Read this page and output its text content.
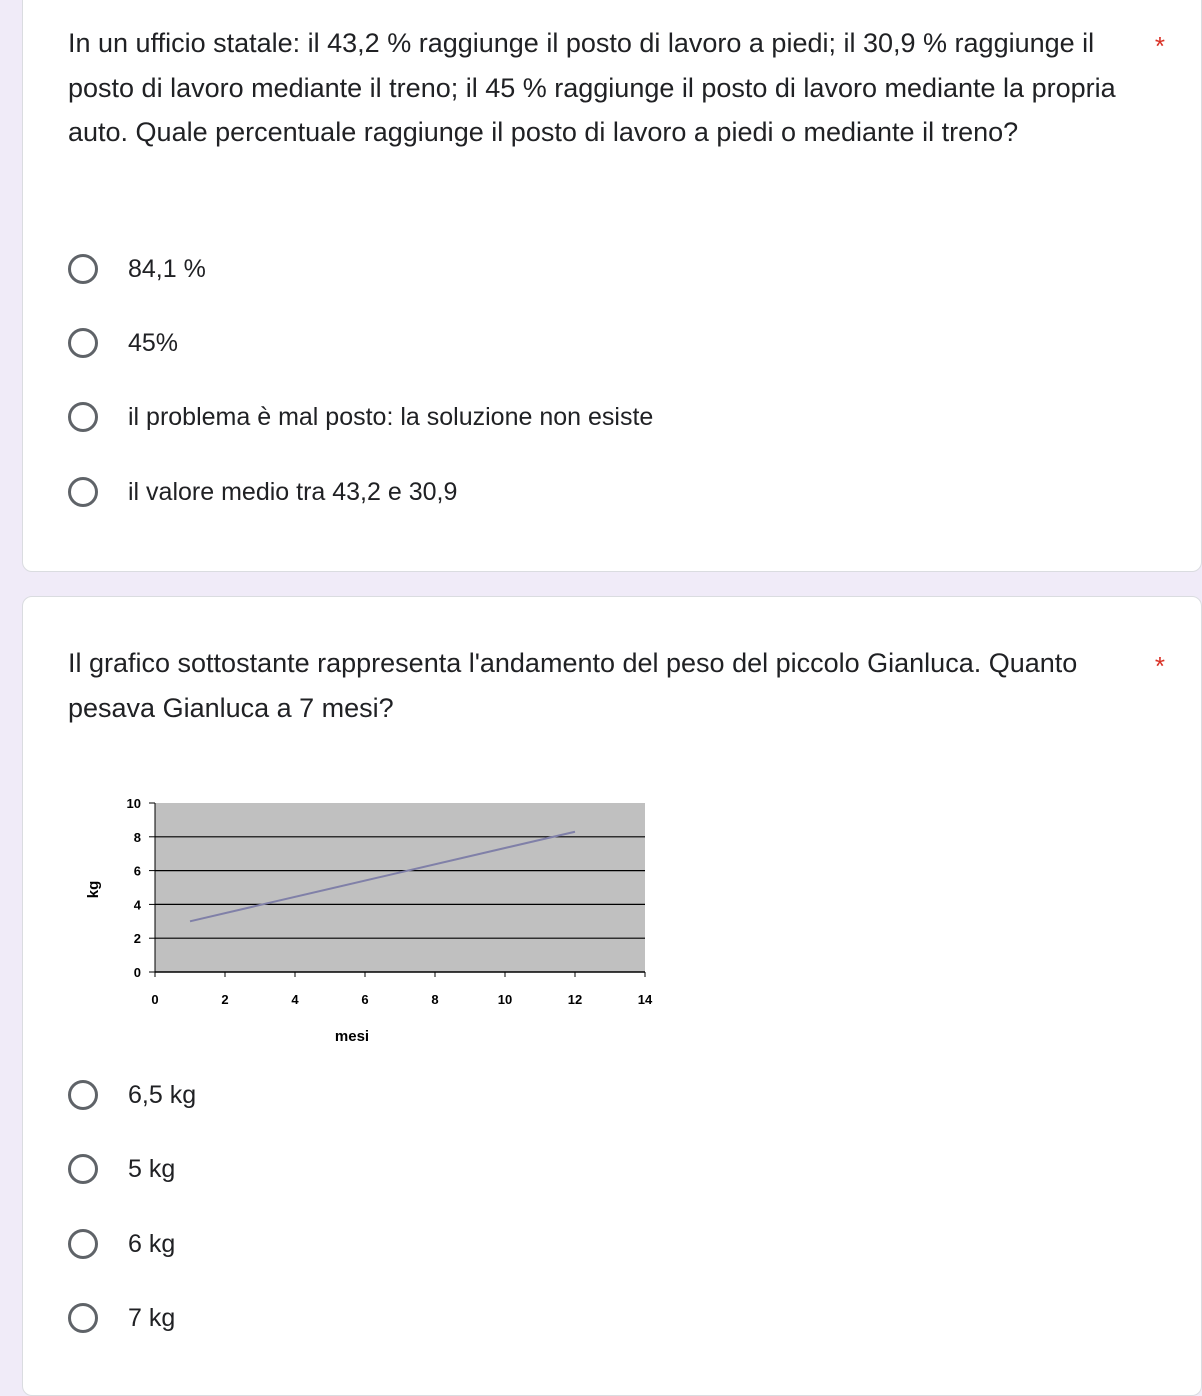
In un ufficio statale: il 43,2 % raggiunge il posto di lavoro a piedi; il 30,9 % raggiunge il posto di lavoro mediante il treno; il 45 % raggiunge il posto di lavoro mediante la propria auto. Quale percentuale raggiunge il posto di lavoro a piedi o mediante il treno?
*
84,1 %
45%
il problema è mal posto: la soluzione non esiste
il valore medio tra 43,2 e 30,9
Il grafico sottostante rappresenta l'andamento del peso del piccolo Gianluca. Quanto pesava Gianluca a 7 mesi?
*
0	2	4	6	8	10	12	14
0
2
4
6
8
10
mesi
kg
6,5 kg
5 kg
6 kg
7 kg
